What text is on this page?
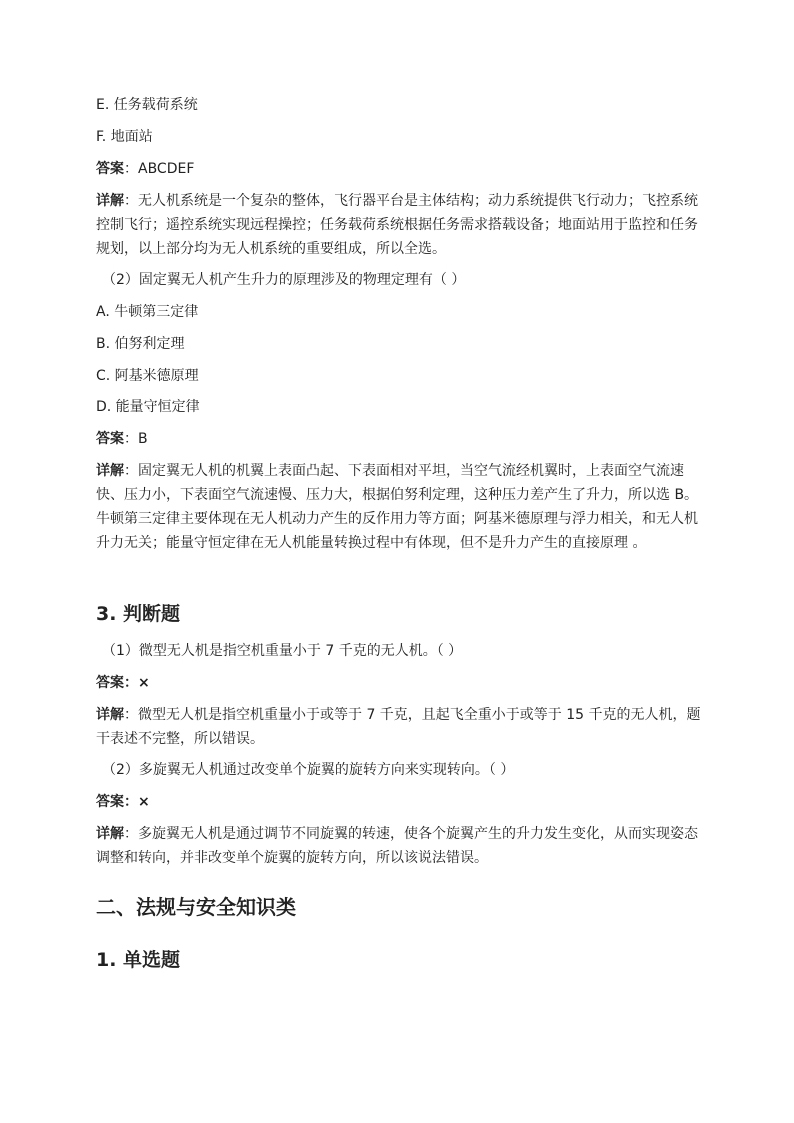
E. 任务载荷系统
F. 地面站
答案：ABCDEF
详解：无人机系统是一个复杂的整体，飞行器平台是主体结构；动力系统提供飞行动力；飞控系统控制飞行；遥控系统实现远程操控；任务载荷系统根据任务需求搭载设备；地面站用于监控和任务规划，以上部分均为无人机系统的重要组成，所以全选。
（2）固定翼无人机产生升力的原理涉及的物理定理有（ ）
A. 牛顿第三定律
B. 伯努利定理
C. 阿基米德原理
D. 能量守恒定律
答案：B
详解：固定翼无人机的机翼上表面凸起、下表面相对平坦，当空气流经机翼时，上表面空气流速快、压力小，下表面空气流速慢、压力大，根据伯努利定理，这种压力差产生了升力，所以选 B。牛顿第三定律主要体现在无人机动力产生的反作用力等方面；阿基米德原理与浮力相关，和无人机升力无关；能量守恒定律在无人机能量转换过程中有体现，但不是升力产生的直接原理 。
3. 判断题
（1）微型无人机是指空机重量小于 7 千克的无人机。（ ）
答案：×
详解：微型无人机是指空机重量小于或等于 7 千克，且起飞全重小于或等于 15 千克的无人机，题干表述不完整，所以错误。
（2）多旋翼无人机通过改变单个旋翼的旋转方向来实现转向。（ ）
答案：×
详解：多旋翼无人机是通过调节不同旋翼的转速，使各个旋翼产生的升力发生变化，从而实现姿态调整和转向，并非改变单个旋翼的旋转方向，所以该说法错误。
二、法规与安全知识类
1. 单选题
